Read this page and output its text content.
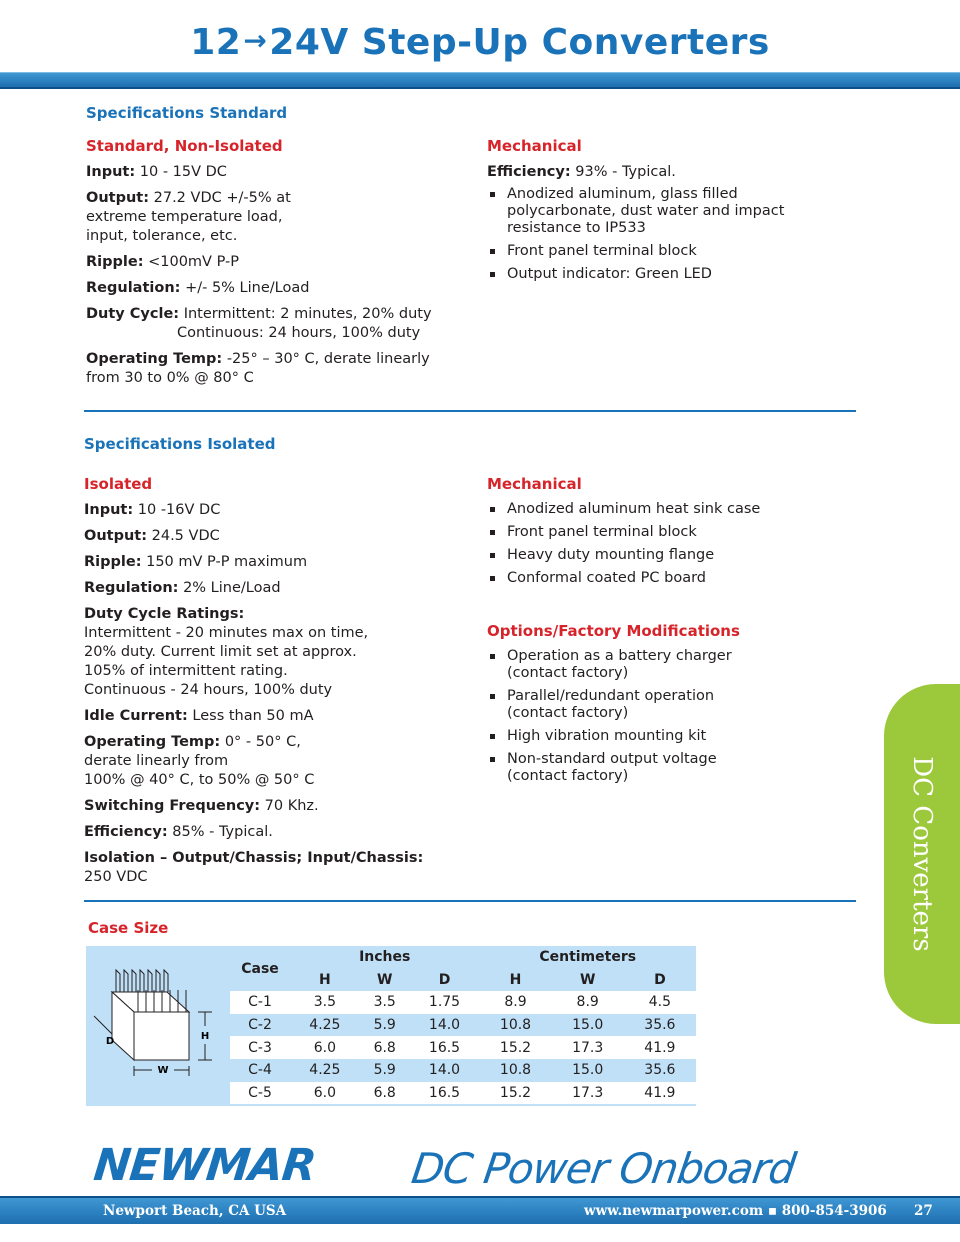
12→24V Step-Up Converters
Specifications Standard
Standard, Non-Isolated

Input: 10 - 15V DC

Output: 27.2 VDC +/-5% at
extreme temperature load,
input, tolerance, etc.

Ripple: <100mV P-P

Regulation: +/- 5% Line/Load

Duty Cycle: Intermittent: 2 minutes, 20% duty

Continuous: 24 hours, 100% duty

Operating Temp: -25° – 30° C, derate linearly
from 30 to 0% @ 80° C

Mechanical

Efficiency: 93% - Typical.

Anodized aluminum, glass filled
polycarbonate, dust water and impact
resistance to IP533
Front panel terminal block
Output indicator: Green LED
Specifications Isolated
Isolated

Input: 10 -16V DC

Output: 24.5 VDC

Ripple: 150 mV P-P maximum

Regulation: 2% Line/Load

Duty Cycle Ratings:
Intermittent - 20 minutes max on time,
20% duty. Current limit set at approx.
105% of intermittent rating.
Continuous - 24 hours, 100% duty

Idle Current: Less than 50 mA

Operating Temp: 0° - 50° C,
derate linearly from
100% @ 40° C, to 50% @ 50° C

Switching Frequency: 70 Khz.

Efficiency: 85% - Typical.

Isolation – Output/Chassis; Input/Chassis:
250 VDC

Mechanical
Anodized aluminum heat sink case
Front panel terminal block
Heavy duty mounting flange
Conformal coated PC board
Options/Factory Modifications
Operation as a battery charger
(contact factory)
Parallel/redundant operation
(contact factory)
High vibration mounting kit
Non-standard output voltage
(contact factory)
Case Size
H
W
D
Case	Inches			Centimeters		
	H	W	D	H	W	D
C-1	3.5	3.5	1.75	8.9	8.9	4.5
C-2	4.25	5.9	14.0	10.8	15.0	35.6
C-3	6.0	6.8	16.5	15.2	17.3	41.9
C-4	4.25	5.9	14.0	10.8	15.0	35.6
C-5	6.0	6.8	16.5	15.2	17.3	41.9
DC Converters
NEWMAR DC Power Onboard
Newport Beach, CA USA	www.newmarpower.com ▪ 800-854-3906 27
